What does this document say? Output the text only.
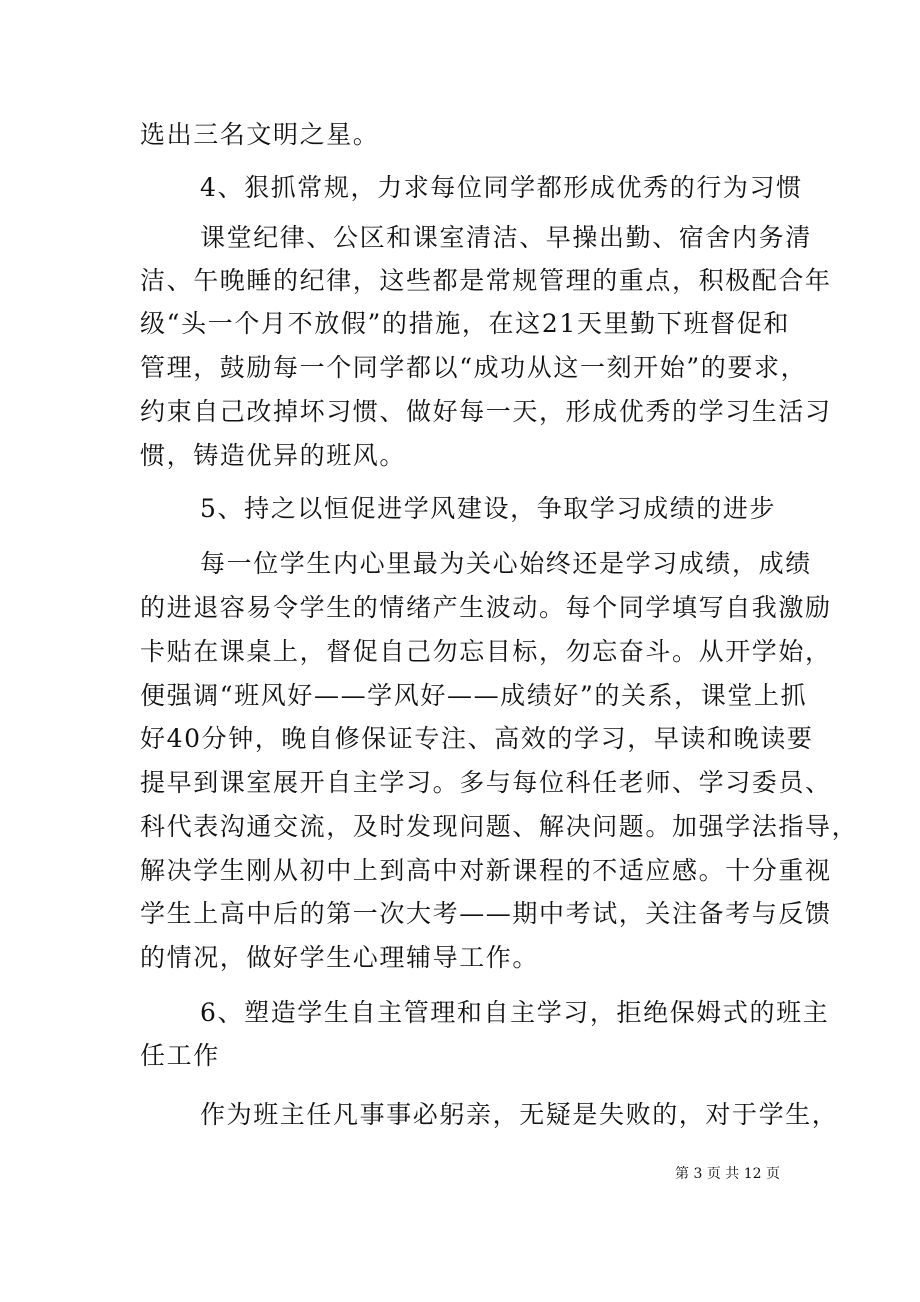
选出三名文明之星。
4、狠抓常规，力求每位同学都形成优秀的行为习惯
课堂纪律、公区和课室清洁、早操出勤、宿舍内务清
洁、午晚睡的纪律，这些都是常规管理的重点，积极配合年
级“头一个月不放假”的措施，在这21天里勤下班督促和
管理，鼓励每一个同学都以“成功从这一刻开始”的要求，
约束自己改掉坏习惯、做好每一天，形成优秀的学习生活习
惯，铸造优异的班风。
5、持之以恒促进学风建设，争取学习成绩的进步
每一位学生内心里最为关心始终还是学习成绩，成绩
的进退容易令学生的情绪产生波动。每个同学填写自我激励
卡贴在课桌上，督促自己勿忘目标，勿忘奋斗。从开学始，
便强调“班风好——学风好——成绩好”的关系，课堂上抓
好40分钟，晚自修保证专注、高效的学习，早读和晚读要
提早到课室展开自主学习。多与每位科任老师、学习委员、
科代表沟通交流，及时发现问题、解决问题。加强学法指导，
解决学生刚从初中上到高中对新课程的不适应感。十分重视
学生上高中后的第一次大考——期中考试，关注备考与反馈
的情况，做好学生心理辅导工作。
6、塑造学生自主管理和自主学习，拒绝保姆式的班主
任工作
作为班主任凡事事必躬亲，无疑是失败的，对于学生，
第 3 页 共 12 页
